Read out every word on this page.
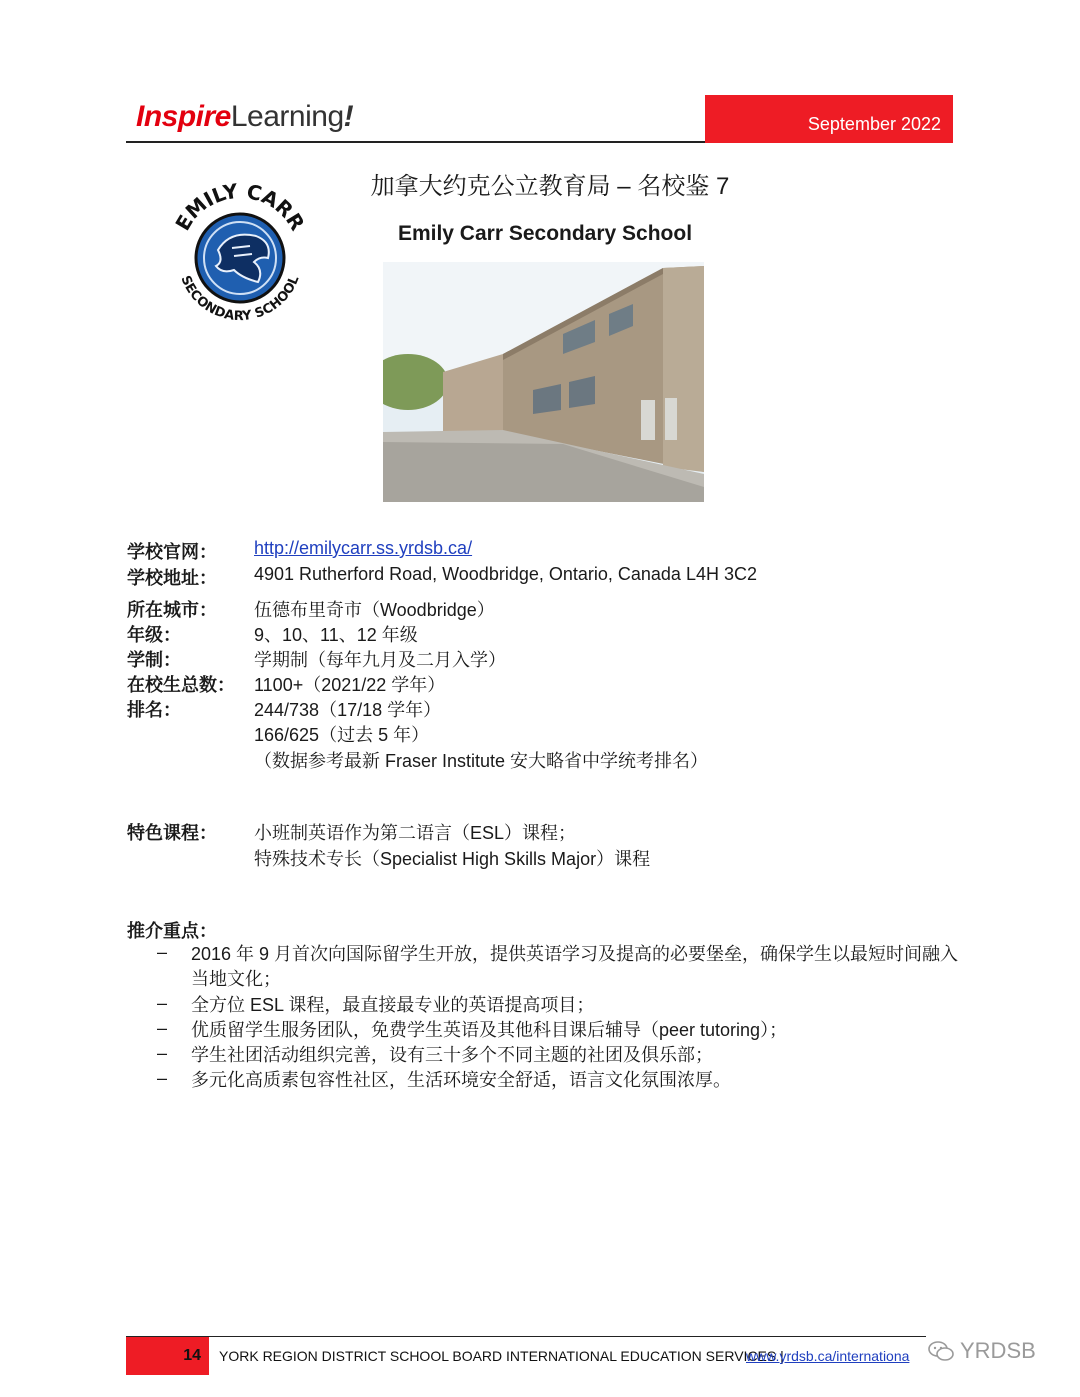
InspireLearning!	September 2022
EMILY CARR
SECONDARY SCHOOL
加拿大约克公立教育局 – 名校鉴 7
Emily Carr Secondary School
学校官网： http://emilycarr.ss.yrdsb.ca/
学校地址： 4901 Rutherford Road, Woodbridge, Ontario, Canada L4H 3C2
所在城市： 伍德布里奇市（Woodbridge）
年级：	9、10、11、12 年级
学制：	学期制（每年九月及二月入学）
在校生总数： 1100+（2021/22 学年）
排名：	244/738（17/18 学年）
166/625（过去 5 年）
（数据参考最新 Fraser Institute 安大略省中学统考排名）
特色课程： 小班制英语作为第二语言（ESL）课程；
特殊技术专长（Specialist High Skills Major）课程
推介重点：
– 2016 年 9 月首次向国际留学生开放，提供英语学习及提高的必要堡垒，确保学生以最短时间融入当地文化；
– 全方位 ESL 课程，最直接最专业的英语提高项目；
– 优质留学生服务团队，免费学生英语及其他科目课后辅导（peer tutoring）；
– 学生社团活动组织完善，设有三十多个不同主题的社团及俱乐部；
– 多元化高质素包容性社区，生活环境安全舒适，语言文化氛围浓厚。
14 YORK REGION DISTRICT SCHOOL BOARD INTERNATIONAL EDUCATION SERVICES |
www.yrdsb.ca/internationa YRDSB
